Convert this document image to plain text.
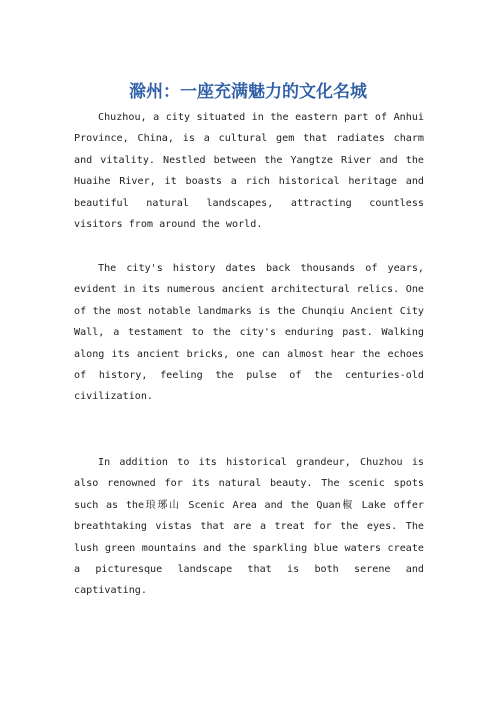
滁州：一座充满魅力的文化名城

Chuzhou, a city situated in the eastern part of Anhui Province, China, is a cultural gem that radiates charm and vitality. Nestled between the Yangtze River and the Huaihe River, it boasts a rich historical heritage and beautiful natural landscapes, attracting countless visitors from around the world.

The city's history dates back thousands of years, evident in its numerous ancient architectural relics. One of the most notable landmarks is the Chunqiu Ancient City Wall, a testament to the city's enduring past. Walking along its ancient bricks, one can almost hear the echoes of history, feeling the pulse of the centuries-old civilization.

In addition to its historical grandeur, Chuzhou is also renowned for its natural beauty. The scenic spots such as the琅琊山 Scenic Area and the Quan椒 Lake offer breathtaking vistas that are a treat for the eyes. The lush green mountains and the sparkling blue waters create a picturesque landscape that is both serene and captivating.
